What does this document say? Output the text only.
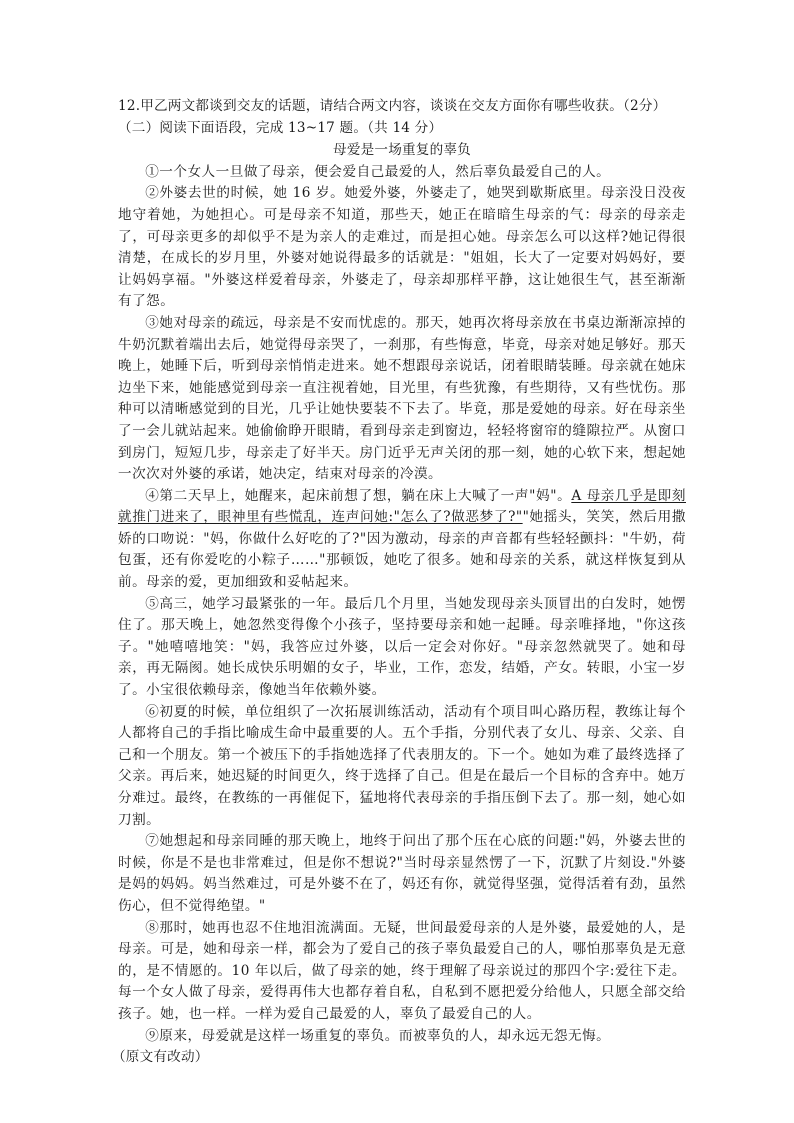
12.甲乙两文都谈到交友的话题，请结合两文内容，谈谈在交友方面你有哪些收获。（2分）
（二）阅读下面语段，完成 13~17 题。（共 14 分）
母爱是一场重复的辜负

①一个女人一旦做了母亲，便会爱自己最爱的人，然后辜负最爱自己的人。

②外婆去世的时候，她 16 岁。她爱外婆，外婆走了，她哭到歇斯底里。母亲没日没夜地守着她，为她担心。可是母亲不知道，那些天，她正在暗暗生母亲的气：母亲的母亲走了，可母亲更多的却似乎不是为亲人的走难过，而是担心她。母亲怎么可以这样?她记得很清楚，在成长的岁月里，外婆对她说得最多的话就是："姐姐，长大了一定要对妈妈好，要让妈妈享福。"外婆这样爱着母亲，外婆走了，母亲却那样平静，这让她很生气，甚至渐渐有了怨。

③她对母亲的疏远，母亲是不安而忧虑的。那天，她再次将母亲放在书桌边渐渐凉掉的牛奶沉默着端出去后，她觉得母亲哭了，一刹那，有些悔意，毕竟，母亲对她足够好。那天晚上，她睡下后，听到母亲悄悄走进来。她不想跟母亲说话，闭着眼睛装睡。母亲就在她床边坐下来，她能感觉到母亲一直注视着她，目光里，有些犹豫，有些期待，又有些忧伤。那种可以清晰感觉到的目光，几乎让她快要装不下去了。毕竟，那是爱她的母亲。好在母亲坐了一会儿就站起来。她偷偷睁开眼睛，看到母亲走到窗边，轻轻将窗帘的缝隙拉严。从窗口到房门，短短几步，母亲走了好半天。房门近乎无声关闭的那一刻，她的心软下来，想起她一次次对外婆的承诺，她决定，结束对母亲的冷漠。

④第二天早上，她醒来，起床前想了想，躺在床上大喊了一声"妈"。A 母亲几乎是即刻就推门进来了，眼神里有些慌乱，连声问她:"怎么了?做恶梦了?""她摇头，笑笑，然后用撒娇的口吻说："妈，你做什么好吃的了?"因为激动，母亲的声音都有些轻轻颤抖："牛奶，荷包蛋，还有你爱吃的小粽子……"那顿饭，她吃了很多。她和母亲的关系，就这样恢复到从前。母亲的爱，更加细致和妥帖起来。

⑤高三，她学习最紧张的一年。最后几个月里，当她发现母亲头顶冒出的白发时，她愣住了。那天晚上，她忽然变得像个小孩子，坚持要母亲和她一起睡。母亲唯择地，"你这孩子。"她嘻嘻地笑："妈，我答应过外婆，以后一定会对你好。"母亲忽然就哭了。她和母亲，再无隔阂。她长成快乐明媚的女子，毕业，工作，恋发，结婚，产女。转眼，小宝一岁了。小宝很依赖母亲，像她当年依赖外婆。

⑥初夏的时候，单位组织了一次拓展训练活动，活动有个项目叫心路历程，教练让每个人都将自己的手指比喻成生命中最重要的人。五个手指，分别代表了女儿、母亲、父亲、自己和一个朋友。第一个被压下的手指她选择了代表朋友的。下一个。她如为难了最终选择了父亲。再后来，她迟疑的时间更久，终于选择了自己。但是在最后一个目标的含弃中。她万分难过。最终，在教练的一再催促下，猛地将代表母亲的手指压倒下去了。那一刻，她心如刀割。

⑦她想起和母亲同睡的那天晚上，地终于问出了那个压在心底的问题:"妈，外婆去世的时候，你是不是也非常难过，但是你不想说?"当时母亲显然愣了一下，沉默了片刻设."外婆是妈的妈妈。妈当然难过，可是外婆不在了，妈还有你，就觉得坚强，觉得活着有劲，虽然伤心，但不觉得绝望。"

⑧那时，她再也忍不住地泪流满面。无疑，世间最爱母亲的人是外婆，最爱她的人，是母亲。可是，她和母亲一样，都会为了爱自己的孩子辜负最爱自己的人，哪怕那辜负是无意的，是不情愿的。10 年以后，做了母亲的她，终于理解了母亲说过的那四个字:爱往下走。每一个女人做了母亲，爱得再伟大也都存着自私，自私到不愿把爱分给他人，只愿全部交给孩子。她，也一样。一样为爱自己最爱的人，辜负了最爱自己的人。

⑨原来，母爱就是这样一场重复的辜负。而被辜负的人，却永远无怨无悔。

（原文有改动）
